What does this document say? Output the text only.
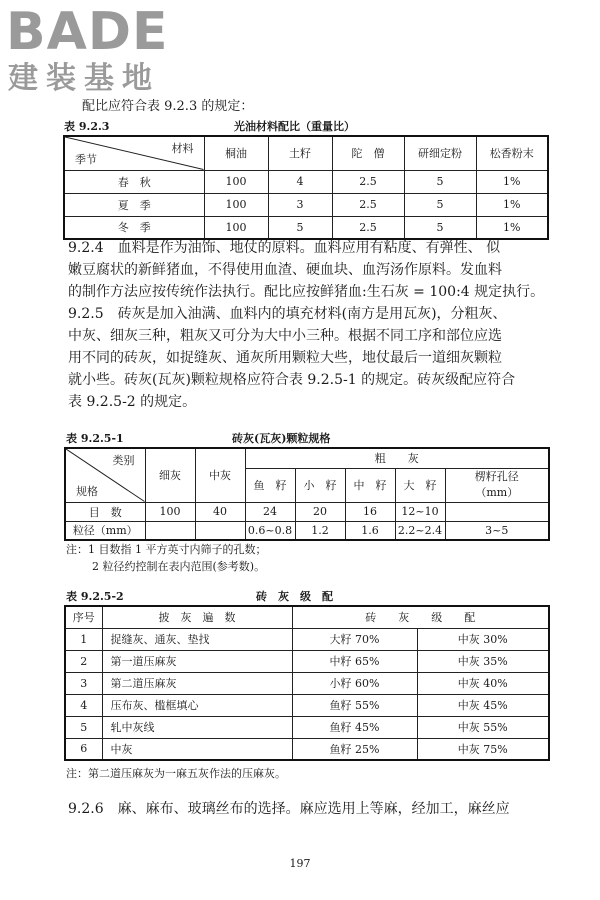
BADE
建装基地
配比应符合表 9.2.3 的规定：
表 9.2.3	光油材料配比（重量比）
材料
季节	桐油	土籽	陀　僧	研细定粉	松香粉末
春　秋	100	4	2.5	5	1%
夏　季	100	3	2.5	5	1%
冬　季	100	5	2.5	5	1%
9.2.4　血料是作为油饰、地仗的原料。血料应用有粘度、有弹性、 似
嫩豆腐状的新鲜猪血，不得使用血渣、硬血块、血泻汤作原料。发血料
的制作方法应按传统作法执行。配比应按鲜猪血:生石灰 = 100:4 规定执行。
9.2.5　砖灰是加入油满、血料内的填充材料(南方是用瓦灰)，分粗灰、
中灰、细灰三种，粗灰又可分为大中小三种。根据不同工序和部位应选
用不同的砖灰，如捉缝灰、通灰所用颗粒大些，地仗最后一道细灰颗粒
就小些。砖灰(瓦灰)颗粒规格应符合表 9.2.5-1 的规定。砖灰级配应符合
表 9.2.5-2 的规定。
表 9.2.5-1	砖灰(瓦灰)颗粒规格
类别
规格	细灰	中灰	粗　　灰				
			鱼　籽	小　籽	中　籽	大　籽	楞籽孔径
（mm）

目　数	100	40	24	20	16	12~10	
粒径（mm）			0.6~0.8	1.2	1.6	2.2~2.4	3~5
注：1 目数指 1 平方英寸内筛子的孔数；
2 粒径约控制在表内范围(参考数)。
表 9.2.5-2	砖　灰　级　配
序号	披　灰　遍　数	砖　　灰　　级　　配	
1	捉缝灰、通灰、垫找	大籽 70%	中灰 30%
2	第一道压麻灰	中籽 65%	中灰 35%
3	第二道压麻灰	小籽 60%	中灰 40%
4	压布灰、槛框填心	鱼籽 55%	中灰 45%
5	轧中灰线	鱼籽 45%	中灰 55%
6	中灰	鱼籽 25%	中灰 75%
注：第二道压麻灰为一麻五灰作法的压麻灰。
9.2.6　麻、麻布、玻璃丝布的选择。麻应选用上等麻，经加工，麻丝应
197
